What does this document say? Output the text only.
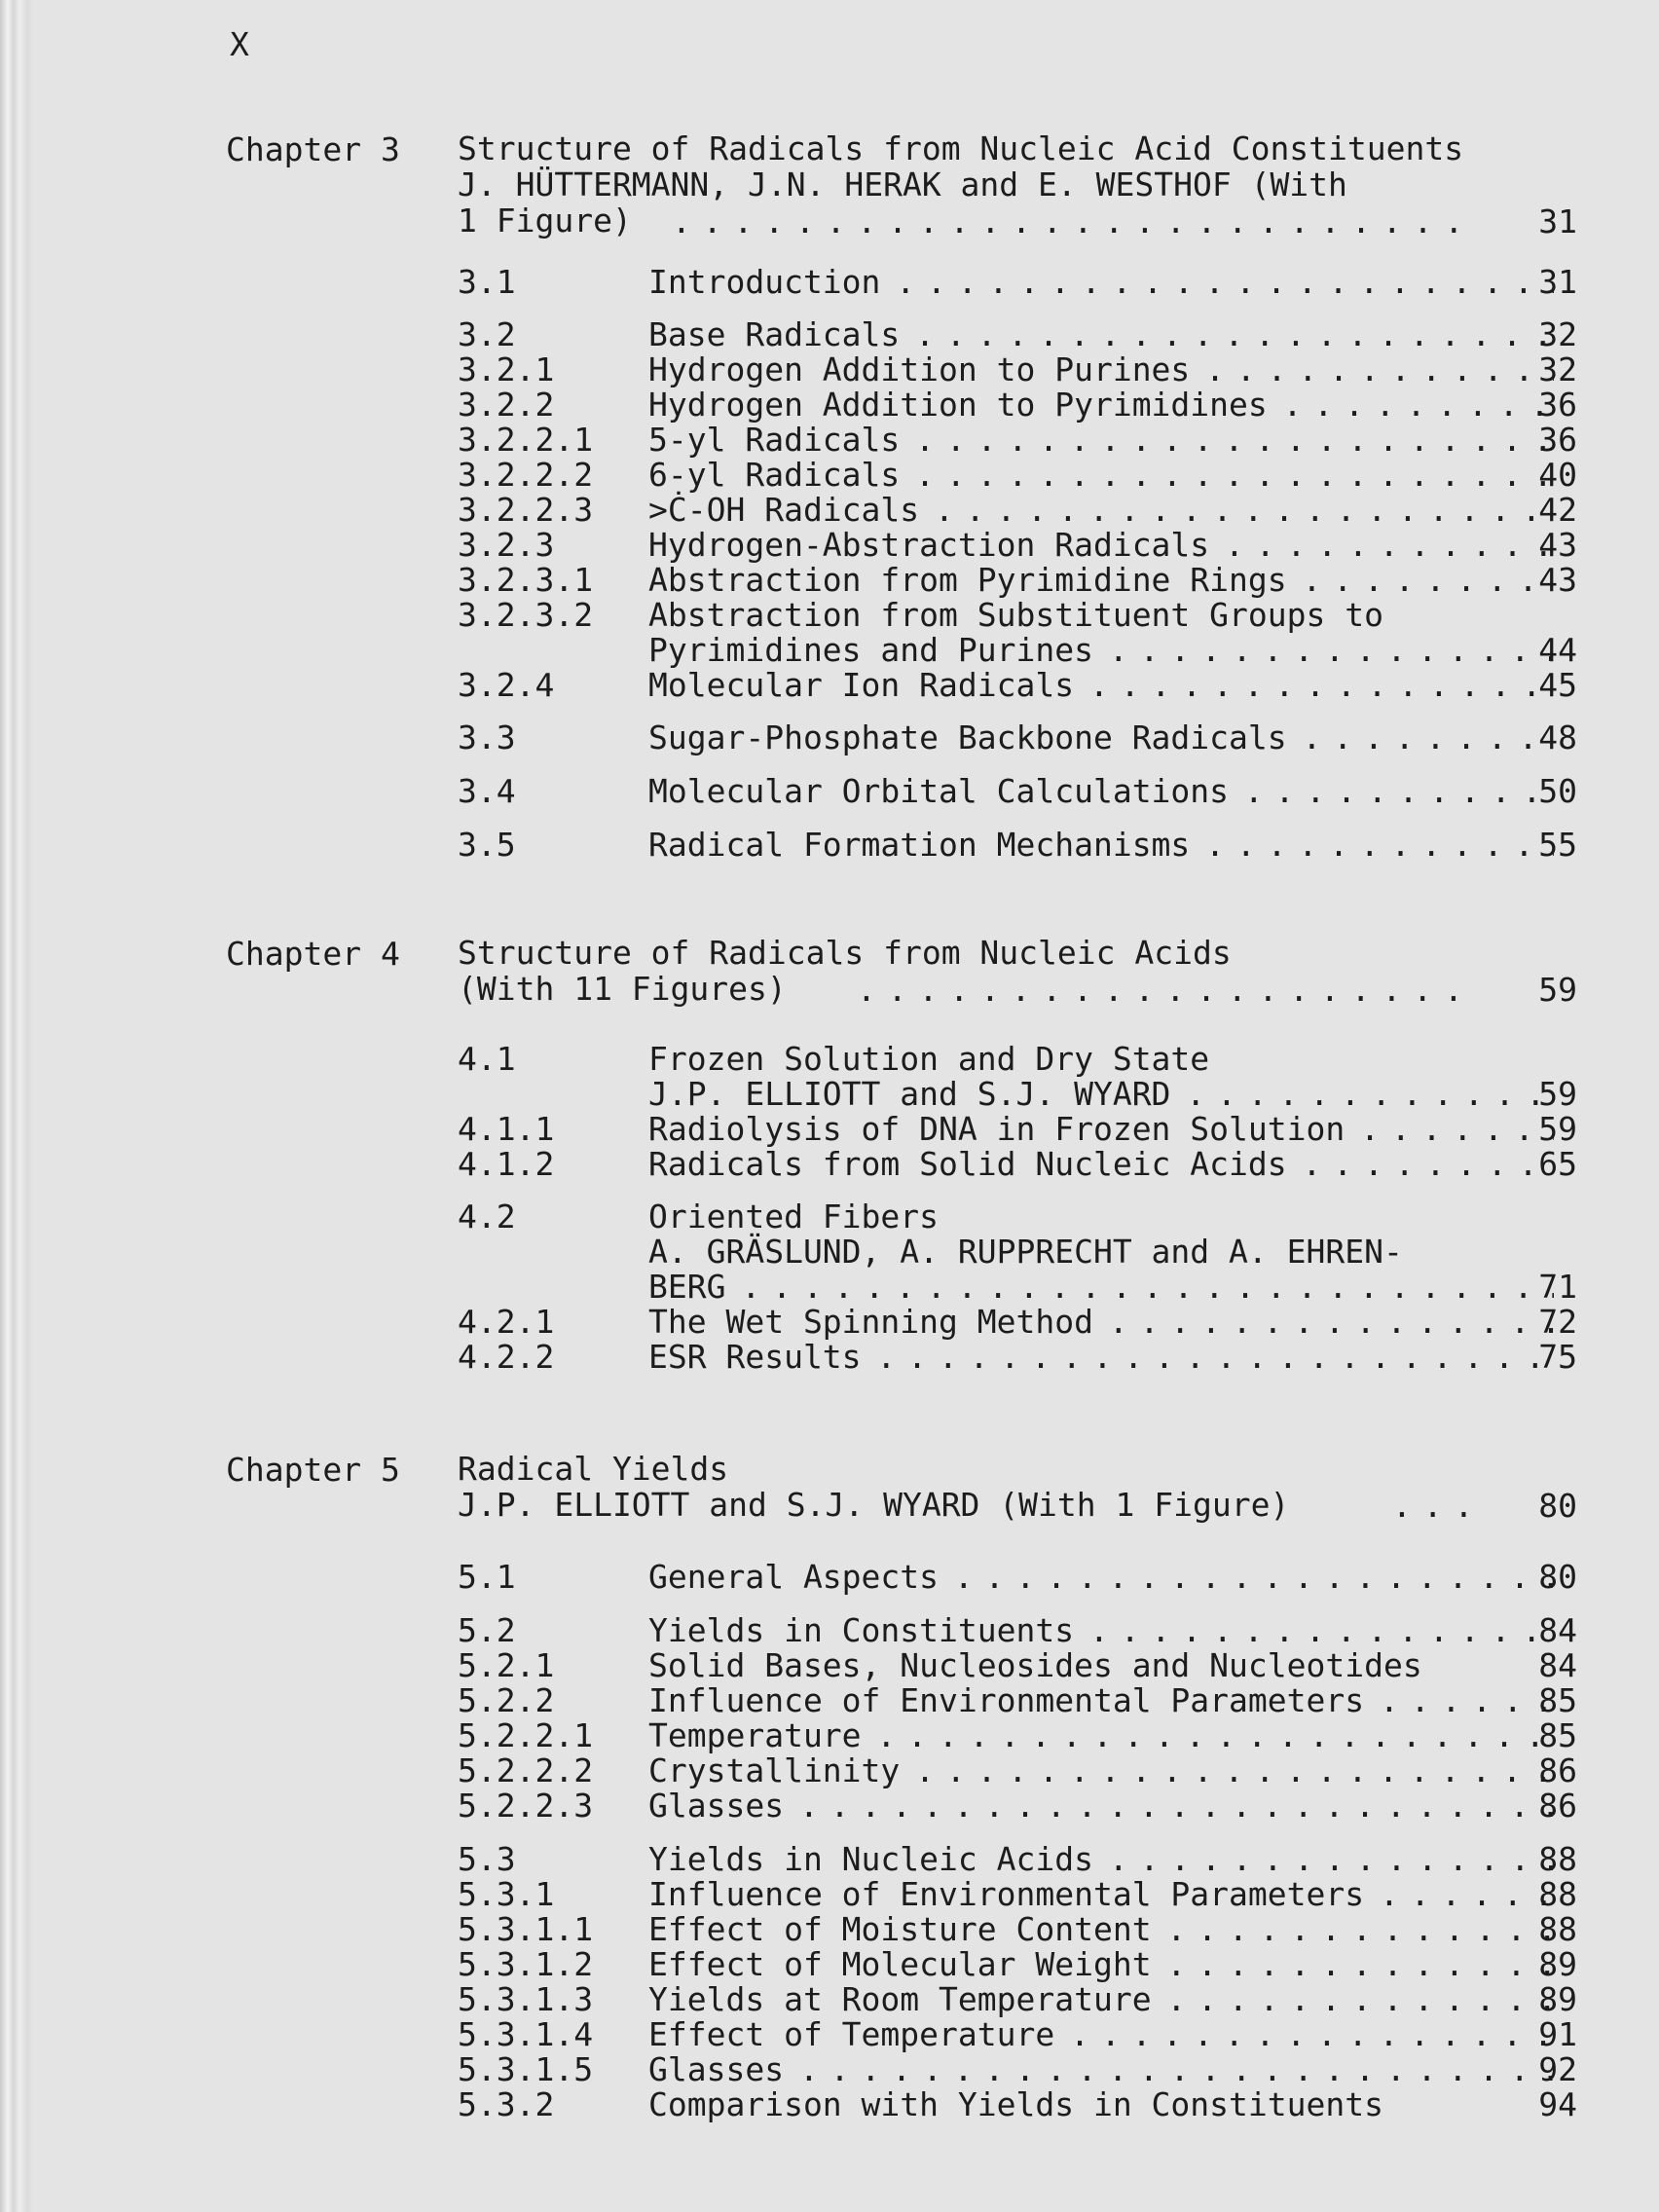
X
Chapter 3 Structure of Radicals from Nucleic Acid Constituents
J. HÜTTERMANN, J.N. HERAK and E. WESTHOF (With
1 Figure) . . .	31
3.1	Introduction . . .	31
3.2	Base Radicals . . .	32
3.2.1	Hydrogen Addition to Purines . . .	32
3.2.2	Hydrogen Addition to Pyrimidines . . .	36
3.2.2.1 5-yl Radicals . . .	36
3.2.2.2 6-yl Radicals . . .	40
3.2.2.3 >Ċ-OH Radicals . . .	42
3.2.3	Hydrogen-Abstraction Radicals . . .	43
3.2.3.1 Abstraction from Pyrimidine Rings . . .	43
3.2.3.2 Abstraction from Substituent Groups to
Pyrimidines and Purines . . .	44
3.2.4	Molecular Ion Radicals . . .	45
3.3	Sugar-Phosphate Backbone Radicals . . .	48
3.4	Molecular Orbital Calculations . . .	50
3.5	Radical Formation Mechanisms . . .	55
Chapter 4 Structure of Radicals from Nucleic Acids
(With 11 Figures) . . .	59
4.1	Frozen Solution and Dry State
J.P. ELLIOTT and S.J. WYARD . . .	59
4.1.1	Radiolysis of DNA in Frozen Solution . . .	59
4.1.2	Radicals from Solid Nucleic Acids . . .	65
4.2	Oriented Fibers
A. GRÄSLUND, A. RUPPRECHT and A. EHREN-
BERG . . .	71
4.2.1	The Wet Spinning Method . . .	72
4.2.2	ESR Results . . .	75
Chapter 5 Radical Yields
J.P. ELLIOTT and S.J. WYARD (With 1 Figure) . . .	80
5.1	General Aspects . . .	80
5.2	Yields in Constituents . . .	84
5.2.1	Solid Bases, Nucleosides and Nucleotides	84
5.2.2	Influence of Environmental Parameters . . .	85
5.2.2.1 Temperature . . .	85
5.2.2.2 Crystallinity . . .	86
5.2.2.3 Glasses . . .	86
5.3	Yields in Nucleic Acids . . .	88
5.3.1	Influence of Environmental Parameters . . .	88
5.3.1.1 Effect of Moisture Content . . .	88
5.3.1.2 Effect of Molecular Weight . . .	89
5.3.1.3 Yields at Room Temperature . . .	89
5.3.1.4 Effect of Temperature . . .	91
5.3.1.5 Glasses . . .	92
5.3.2	Comparison with Yields in Constituents	94
